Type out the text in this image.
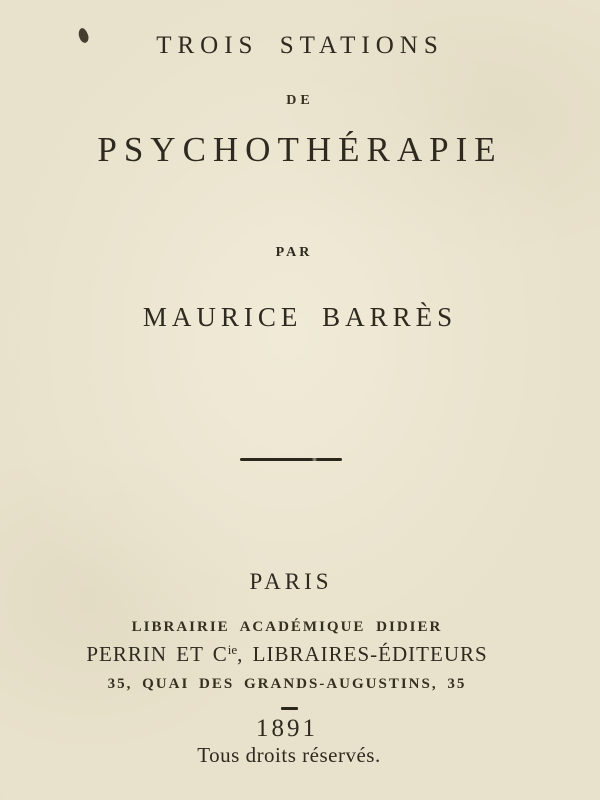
TROIS STATIONS
DE
PSYCHOTHÉRAPIE
PAR
MAURICE BARRÈS
PARIS
LIBRAIRIE ACADÉMIQUE DIDIER
PERRIN ET $C^{ie}$, LIBRAIRES-ÉDITEURS
35, QUAI DES GRANDS-AUGUSTINS, 35
1891
Tous droits réservés.
